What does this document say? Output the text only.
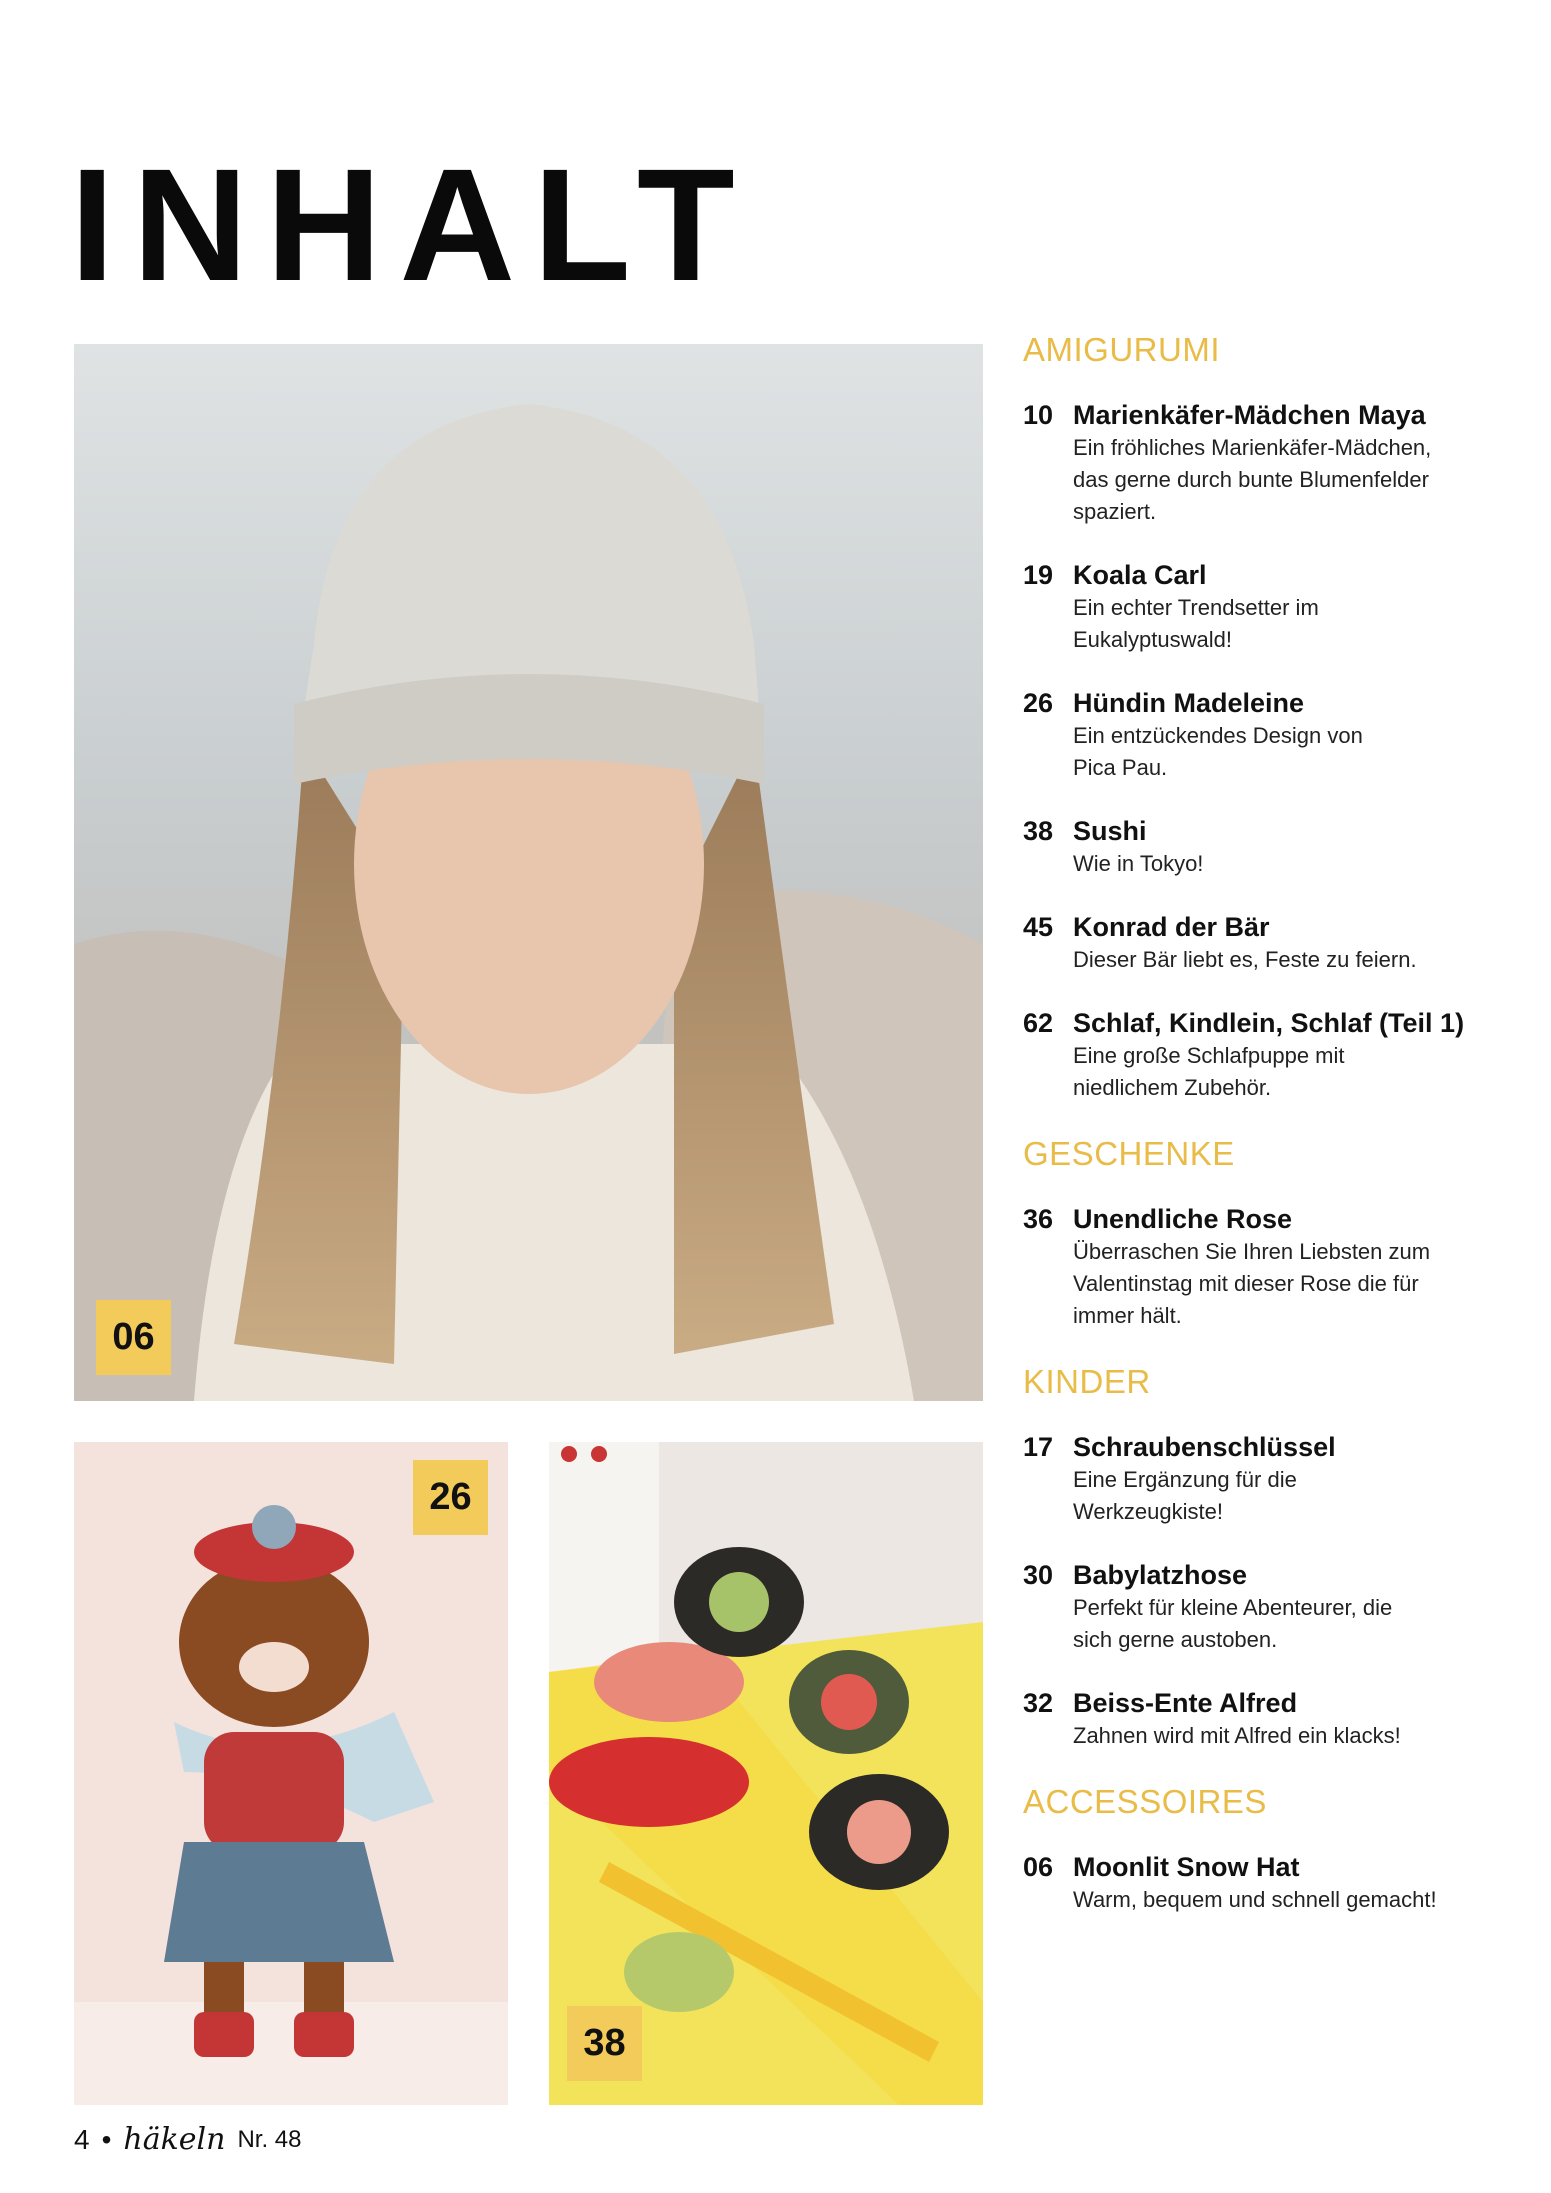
INHALT
06
26
38
AMIGURUMI
10 Marienkäfer-Mädchen Maya
Ein fröhliches Marienkäfer-Mädchen,
das gerne durch bunte Blumenfelder
spaziert.
19 Koala Carl
Ein echter Trendsetter im
Eukalyptuswald!
26 Hündin Madeleine
Ein entzückendes Design von
Pica Pau.
38 Sushi
Wie in Tokyo!
45 Konrad der Bär
Dieser Bär liebt es, Feste zu feiern.
62 Schlaf, Kindlein, Schlaf (Teil 1)
Eine große Schlafpuppe mit
niedlichem Zubehör.
GESCHENKE
36 Unendliche Rose
Überraschen Sie Ihren Liebsten zum
Valentinstag mit dieser Rose die für
immer hält.
KINDER
17 Schraubenschlüssel
Eine Ergänzung für die
Werkzeugkiste!
30 Babylatzhose
Perfekt für kleine Abenteurer, die
sich gerne austoben.
32 Beiss-Ente Alfred
Zahnen wird mit Alfred ein klacks!
ACCESSOIRES
06 Moonlit Snow Hat
Warm, bequem und schnell gemacht!
4 • häkeln Nr. 48
